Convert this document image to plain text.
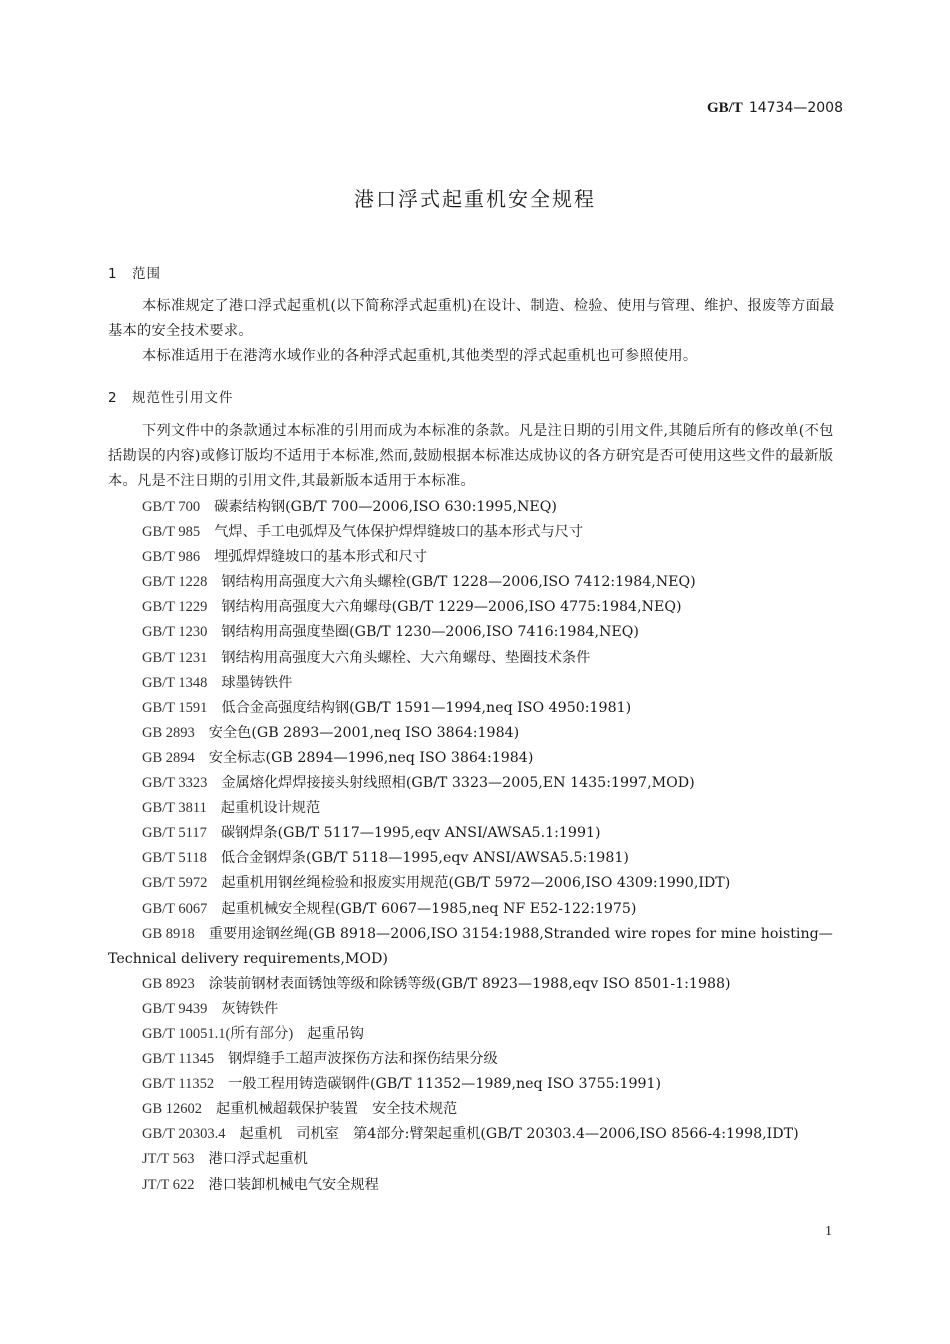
GB/T 14734—2008
港口浮式起重机安全规程
1 范围
本标准规定了港口浮式起重机(以下简称浮式起重机)在设计、制造、检验、使用与管理、维护、报废等方面最基本的安全技术要求。
本标准适用于在港湾水域作业的各种浮式起重机,其他类型的浮式起重机也可参照使用。
2 规范性引用文件
下列文件中的条款通过本标准的引用而成为本标准的条款。凡是注日期的引用文件,其随后所有的修改单(不包括勘误的内容)或修订版均不适用于本标准,然而,鼓励根据本标准达成协议的各方研究是否可使用这些文件的最新版本。凡是不注日期的引用文件,其最新版本适用于本标准。
GB/T 700 碳素结构钢(GB/T 700—2006,ISO 630:1995,NEQ)
GB/T 985 气焊、手工电弧焊及气体保护焊焊缝坡口的基本形式与尺寸
GB/T 986 埋弧焊焊缝坡口的基本形式和尺寸
GB/T 1228 钢结构用高强度大六角头螺栓(GB/T 1228—2006,ISO 7412:1984,NEQ)
GB/T 1229 钢结构用高强度大六角螺母(GB/T 1229—2006,ISO 4775:1984,NEQ)
GB/T 1230 钢结构用高强度垫圈(GB/T 1230—2006,ISO 7416:1984,NEQ)
GB/T 1231 钢结构用高强度大六角头螺栓、大六角螺母、垫圈技术条件
GB/T 1348 球墨铸铁件
GB/T 1591 低合金高强度结构钢(GB/T 1591—1994,neq ISO 4950:1981)
GB 2893 安全色(GB 2893—2001,neq ISO 3864:1984)
GB 2894 安全标志(GB 2894—1996,neq ISO 3864:1984)
GB/T 3323 金属熔化焊焊接接头射线照相(GB/T 3323—2005,EN 1435:1997,MOD)
GB/T 3811 起重机设计规范
GB/T 5117 碳钢焊条(GB/T 5117—1995,eqv ANSI/AWSA5.1:1991)
GB/T 5118 低合金钢焊条(GB/T 5118—1995,eqv ANSI/AWSA5.5:1981)
GB/T 5972 起重机用钢丝绳检验和报废实用规范(GB/T 5972—2006,ISO 4309:1990,IDT)
GB/T 6067 起重机械安全规程(GB/T 6067—1985,neq NF E52-122:1975)
GB 8918 重要用途钢丝绳(GB 8918—2006,ISO 3154:1988,Stranded wire ropes for mine hoisting—Technical delivery requirements,MOD)
GB 8923 涂装前钢材表面锈蚀等级和除锈等级(GB/T 8923—1988,eqv ISO 8501-1:1988)
GB/T 9439 灰铸铁件
GB/T 10051.1(所有部分) 起重吊钩
GB/T 11345 钢焊缝手工超声波探伤方法和探伤结果分级
GB/T 11352 一般工程用铸造碳钢件(GB/T 11352—1989,neq ISO 3755:1991)
GB 12602 起重机械超载保护装置　安全技术规范
GB/T 20303.4 起重机　司机室　第4部分:臂架起重机(GB/T 20303.4—2006,ISO 8566-4:1998,IDT)
JT/T 563 港口浮式起重机
JT/T 622 港口装卸机械电气安全规程
1
